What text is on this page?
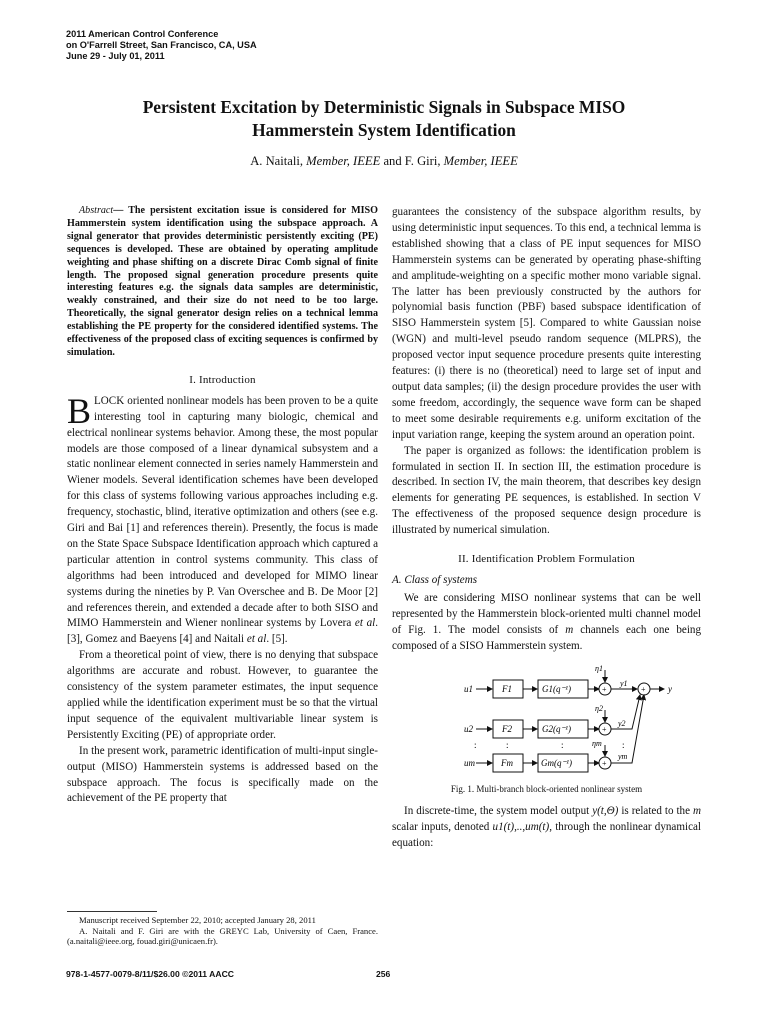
2011 American Control Conference
on O'Farrell Street, San Francisco, CA, USA
June 29 - July 01, 2011
Persistent Excitation by Deterministic Signals in Subspace MISO
Hammerstein System Identification
A. Naitali, Member, IEEE and F. Giri, Member, IEEE

Abstract— The persistent excitation issue is considered for MISO Hammerstein system identification using the subspace approach. A signal generator that provides deterministic persistently exciting (PE) sequences is developed. These are obtained by operating amplitude weighting and phase shifting on a discrete Dirac Comb signal of finite length. The proposed signal generation procedure presents quite interesting features e.g. the signals data samples are deterministic, weakly constrained, and their size do not need to be too large. Theoretically, the signal generator design relies on a technical lemma establishing the PE property for the considered identified systems. The effectiveness of the proposed class of exciting sequences is confirmed by simulation.

I. Introduction

BLOCK oriented nonlinear models has been proven to be a quite interesting tool in capturing many biologic, chemical and electrical nonlinear systems behavior. Among these, the most popular models are those composed of a linear dynamical subsystem and a static nonlinear element connected in series namely Hammerstein and Wiener models. Several identification schemes have been developed for this class of systems following various approaches including e.g. frequency, stochastic, blind, iterative optimization and others (see e.g. Giri and Bai [1] and references therein). Presently, the focus is made on the State Space Subspace Identification approach which captured a particular attention in control systems community. This class of algorithms had been introduced and developed for MIMO linear systems during the nineties by P. Van Overschee and B. De Moor [2] and references therein, and extended a decade after to both SISO and MIMO Hammerstein and Wiener nonlinear systems by Lovera et al. [3], Gomez and Baeyens [4] and Naitali et al. [5].

From a theoretical point of view, there is no denying that subspace algorithms are accurate and robust. However, to guarantee the consistency of the system parameter estimates, the input sequence applied while the identification experiment must be so that the virtual input sequence of the equivalent multivariable linear system is Persistently Exciting (PE) of appropriate order.

In the present work, parametric identification of multi-input single-output (MISO) Hammerstein systems is addressed based on the subspace approach. The focus is specifically made on the achievement of the PE property that

guarantees the consistency of the subspace algorithm results, by using deterministic input sequences. To this end, a technical lemma is established showing that a class of PE input sequences for MISO Hammerstein systems can be generated by operating phase-shifting and amplitude-weighting on a specific mother mono variable signal. The latter has been previously constructed by the authors for polynomial basis function (PBF) based subspace identification of SISO Hammerstein system [5]. Compared to white Gaussian noise (WGN) and multi-level pseudo random sequence (MLPRS), the proposed vector input sequence procedure presents quite interesting features: (i) there is no (theoretical) need to large set of input and output data samples; (ii) the design procedure provides the user with some freedom, accordingly, the sequence wave form can be shaped to meet some desirable requirements e.g. uniform excitation of the input variation range, keeping the system around an operation point.

The paper is organized as follows: the identification problem is formulated in section II. In section III, the estimation procedure is described. In section IV, the main theorem, that describes key design elements for generating PE sequences, is established. In section V The effectiveness of the proposed sequence design procedure is illustrated by numerical simulation.

II. Identification Problem Formulation
A. Class of systems

We are considering MISO nonlinear systems that can be well represented by the Hammerstein block-oriented multi channel model of Fig. 1. The model consists of m channels each one being composed of a SISO Hammerstein system.

u1	F1	G1(q⁻¹)	+
η1
y1
+ y
u2	F2	G2(q⁻¹)	+
η2
y2
:	:	:	:
um	Fm	Gm(q⁻¹)	+
ηm
ym
Fig. 1. Multi-branch block-oriented nonlinear system

In discrete-time, the system model output y(t,Θ) is related to the m scalar inputs, denoted u1(t),..,um(t), through the nonlinear dynamical equation:

Manuscript received September 22, 2010; accepted January 28, 2011

A. Naitali and F. Giri are with the GREYC Lab, University of Caen, France. (a.naitali@ieee.org, fouad.giri@unicaen.fr).

978-1-4577-0079-8/11/$26.00 ©2011 AACC	256
